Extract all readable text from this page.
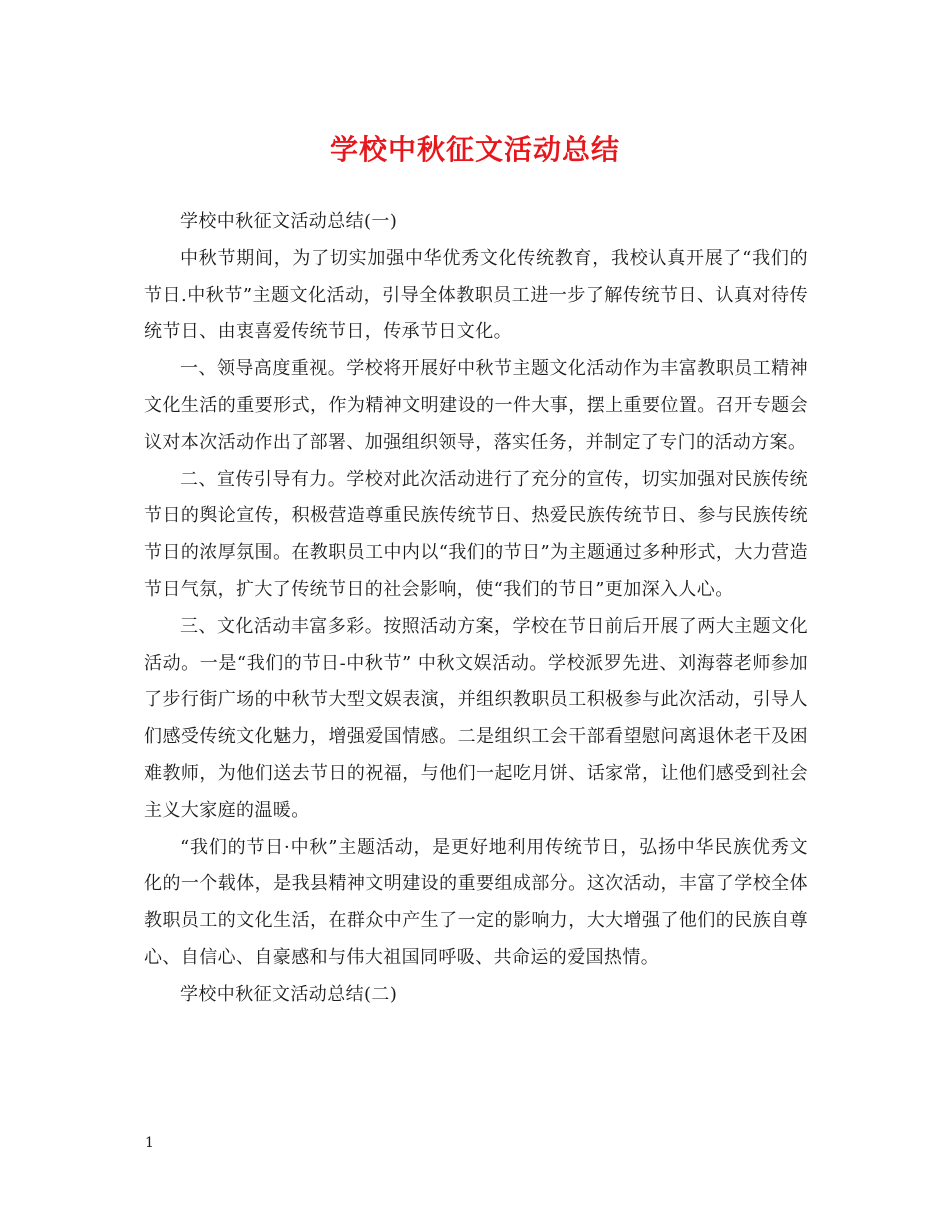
学校中秋征文活动总结

学校中秋征文活动总结(一)

中秋节期间，为了切实加强中华优秀文化传统教育，我校认真开展了“我们的节日.中秋节”主题文化活动，引导全体教职员工进一步了解传统节日、认真对待传统节日、由衷喜爱传统节日，传承节日文化。

一、领导高度重视。学校将开展好中秋节主题文化活动作为丰富教职员工精神文化生活的重要形式，作为精神文明建设的一件大事，摆上重要位置。召开专题会议对本次活动作出了部署、加强组织领导，落实任务，并制定了专门的活动方案。

二、宣传引导有力。学校对此次活动进行了充分的宣传，切实加强对民族传统节日的舆论宣传，积极营造尊重民族传统节日、热爱民族传统节日、参与民族传统节日的浓厚氛围。在教职员工中内以“我们的节日”为主题通过多种形式，大力营造节日气氛，扩大了传统节日的社会影响，使“我们的节日”更加深入人心。

三、文化活动丰富多彩。按照活动方案，学校在节日前后开展了两大主题文化活动。一是“我们的节日-中秋节” 中秋文娱活动。学校派罗先进、刘海蓉老师参加了步行街广场的中秋节大型文娱表演，并组织教职员工积极参与此次活动，引导人们感受传统文化魅力，增强爱国情感。二是组织工会干部看望慰问离退休老干及困难教师，为他们送去节日的祝福，与他们一起吃月饼、话家常，让他们感受到社会主义大家庭的温暖。

“我们的节日·中秋”主题活动，是更好地利用传统节日，弘扬中华民族优秀文化的一个载体，是我县精神文明建设的重要组成部分。这次活动，丰富了学校全体教职员工的文化生活，在群众中产生了一定的影响力，大大增强了他们的民族自尊心、自信心、自豪感和与伟大祖国同呼吸、共命运的爱国热情。

学校中秋征文活动总结(二)

1
